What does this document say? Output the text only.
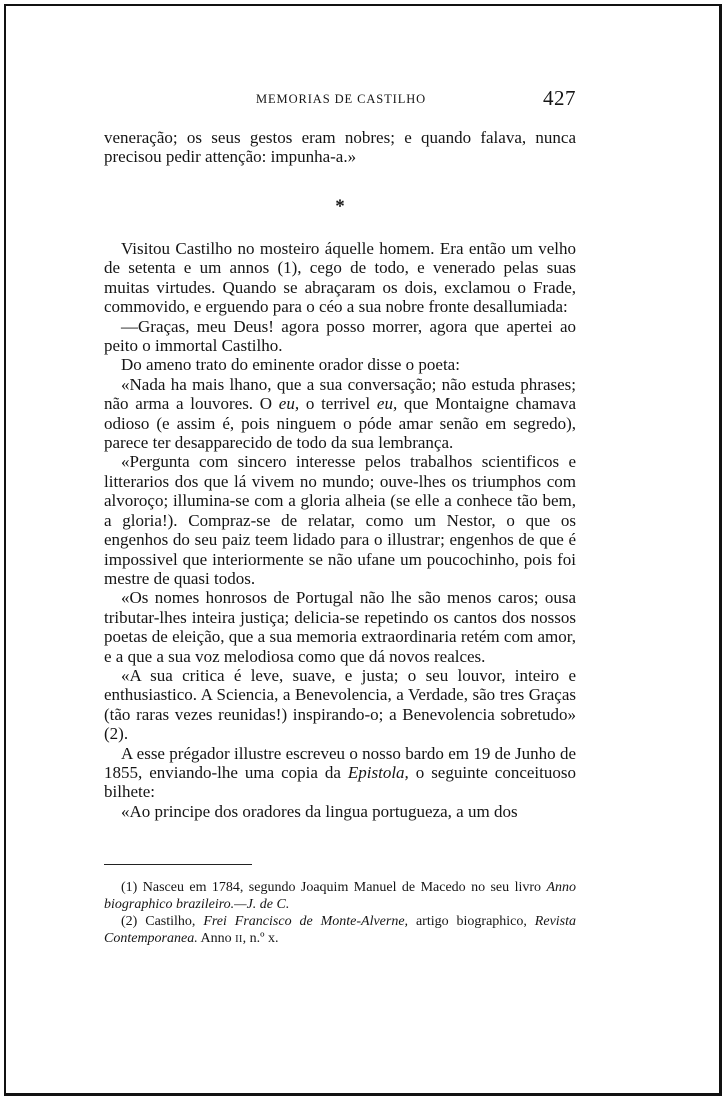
MEMORIAS DE CASTILHO	427

veneração; os seus gestos eram nobres; e quando falava, nunca precisou pedir attenção: impunha-a.»

*

Visitou Castilho no mosteiro áquelle homem. Era então um velho de setenta e um annos (1), cego de todo, e venerado pelas suas muitas virtudes. Quando se abraçaram os dois, exclamou o Frade, commovido, e erguendo para o céo a sua nobre fronte desallumiada:

—Graças, meu Deus! agora posso morrer, agora que apertei ao peito o immortal Castilho.

Do ameno trato do eminente orador disse o poeta:

«Nada ha mais lhano, que a sua conversação; não estuda phrases; não arma a louvores. O eu, o terrivel eu, que Montaigne chamava odioso (e assim é, pois ninguem o póde amar senão em segredo), parece ter desapparecido de todo da sua lembrança.

«Pergunta com sincero interesse pelos trabalhos scientificos e litterarios dos que lá vivem no mundo; ouve-lhes os triumphos com alvoroço; illumina-se com a gloria alheia (se elle a conhece tão bem, a gloria!). Compraz-se de relatar, como um Nestor, o que os engenhos do seu paiz teem lidado para o illustrar; engenhos de que é impossivel que interiormente se não ufane um poucochinho, pois foi mestre de quasi todos.

«Os nomes honrosos de Portugal não lhe são menos caros; ousa tributar-lhes inteira justiça; delicia-se repetindo os cantos dos nossos poetas de eleição, que a sua memoria extraordinaria retém com amor, e a que a sua voz melodiosa como que dá novos realces.

«A sua critica é leve, suave, e justa; o seu louvor, inteiro e enthusiastico. A Sciencia, a Benevolencia, a Verdade, são tres Graças (tão raras vezes reunidas!) inspirando-o; a Benevolencia sobretudo» (2).

A esse prégador illustre escreveu o nosso bardo em 19 de Junho de 1855, enviando-lhe uma copia da Epistola, o seguinte conceituoso bilhete:

«Ao principe dos oradores da lingua portugueza, a um dos

(1) Nasceu em 1784, segundo Joaquim Manuel de Macedo no seu livro Anno biographico brazileiro.—J. de C.

(2) Castilho, Frei Francisco de Monte-Alverne, artigo biographico, Revista Contemporanea. Anno II, n.º x.
